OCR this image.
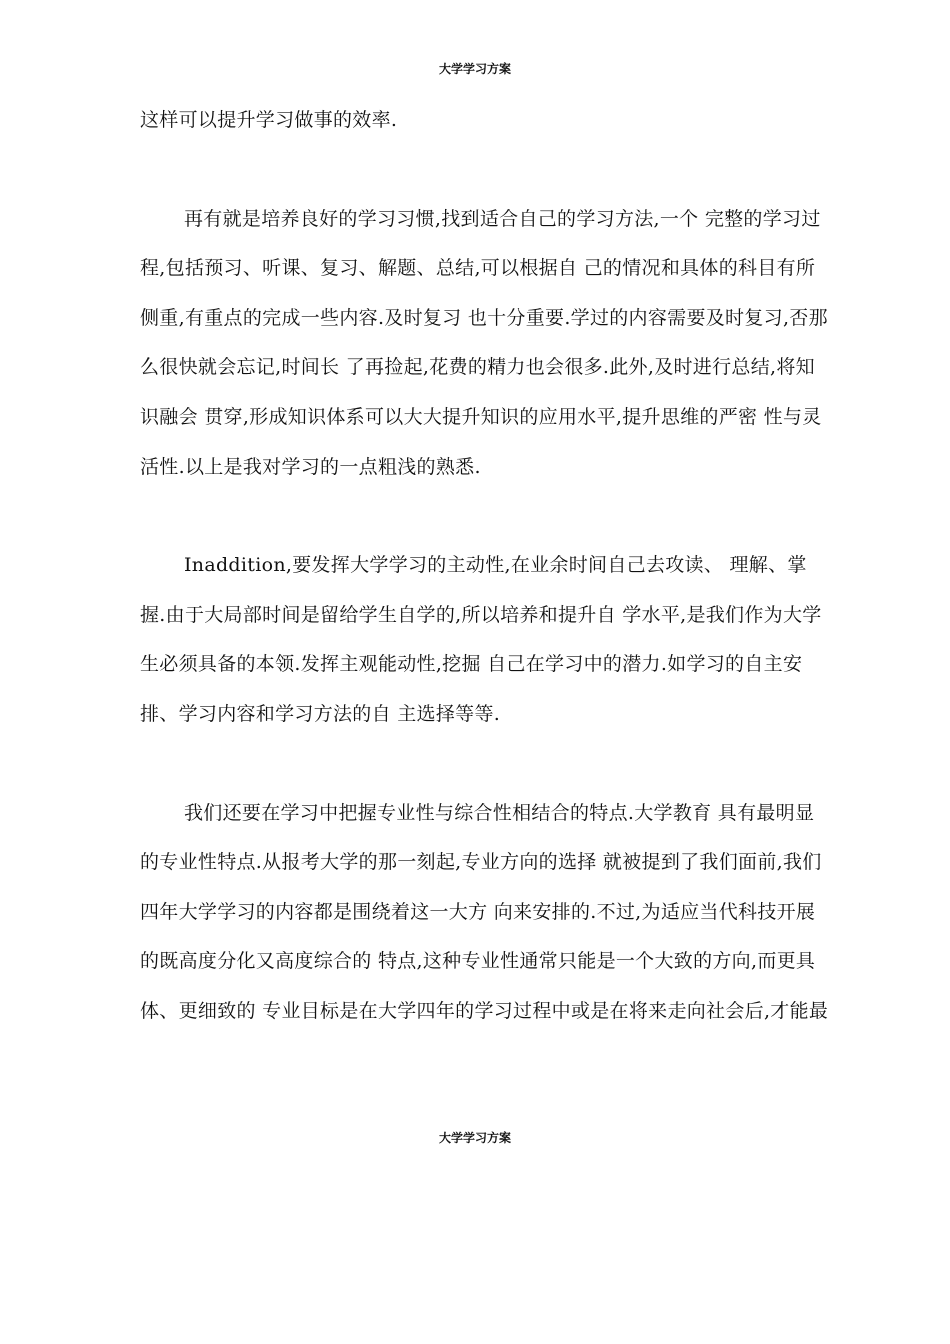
大学学习方案

这样可以提升学习做事的效率.

再有就是培养良好的学习习惯,找到适合自己的学习方法,一个 完整的学习过程,包括预习、听课、复习、解题、总结,可以根据自 己的情况和具体的科目有所侧重,有重点的完成一些内容.及时复习 也十分重要.学过的内容需要及时复习,否那么很快就会忘记,时间长 了再捡起,花费的精力也会很多.此外,及时进行总结,将知识融会 贯穿,形成知识体系可以大大提升知识的应用水平,提升思维的严密 性与灵活性.以上是我对学习的一点粗浅的熟悉.

Inaddition,要发挥大学学习的主动性,在业余时间自己去攻读、 理解、掌握.由于大局部时间是留给学生自学的,所以培养和提升自 学水平,是我们作为大学生必须具备的本领.发挥主观能动性,挖掘 自己在学习中的潜力.如学习的自主安排、学习内容和学习方法的自 主选择等等.

我们还要在学习中把握专业性与综合性相结合的特点.大学教育 具有最明显的专业性特点.从报考大学的那一刻起,专业方向的选择 就被提到了我们面前,我们四年大学学习的内容都是围绕着这一大方 向来安排的.不过,为适应当代科技开展的既高度分化又高度综合的 特点,这种专业性通常只能是一个大致的方向,而更具体、更细致的 专业目标是在大学四年的学习过程中或是在将来走向社会后,才能最

大学学习方案
